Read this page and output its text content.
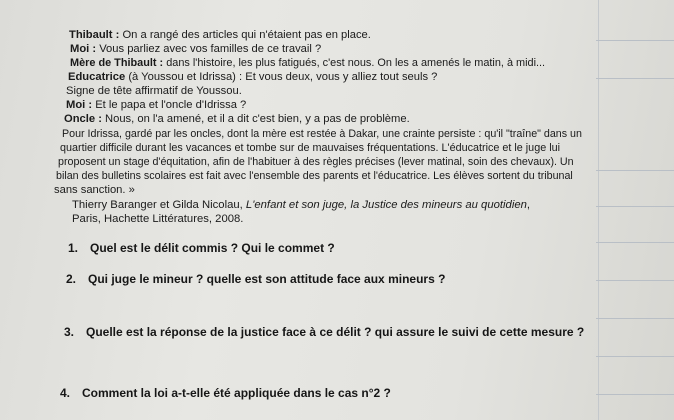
Thibault : On a rangé des articles qui n'étaient pas en place.
Moi : Vous parliez avec vos familles de ce travail ?
Mère de Thibault : dans l'histoire, les plus fatigués, c'est nous. On les a amenés le matin, à midi...
Educatrice (à Youssou et Idrissa) : Et vous deux, vous y alliez tout seuls ?
Signe de tête affirmatif de Youssou.
Moi : Et le papa et l'oncle d'Idrissa ?
Oncle : Nous, on l'a amené, et il a dit c'est bien, y a pas de problème.
Pour Idrissa, gardé par les oncles, dont la mère est restée à Dakar, une crainte persiste : qu'il "traîne" dans un
quartier difficile durant les vacances et tombe sur de mauvaises fréquentations. L'éducatrice et le juge lui
proposent un stage d'équitation, afin de l'habituer à des règles précises (lever matinal, soin des chevaux). Un
bilan des bulletins scolaires est fait avec l'ensemble des parents et l'éducatrice. Les élèves sortent du tribunal
sans sanction. »
Thierry Baranger et Gilda Nicolau, L'enfant et son juge, la Justice des mineurs au quotidien,
Paris, Hachette Littératures, 2008.
1. Quel est le délit commis ? Qui le commet ?
2. Qui juge le mineur ? quelle est son attitude face aux mineurs ?
3. Quelle est la réponse de la justice face à ce délit ? qui assure le suivi de cette mesure ?
4. Comment la loi a-t-elle été appliquée dans le cas n°2 ?
